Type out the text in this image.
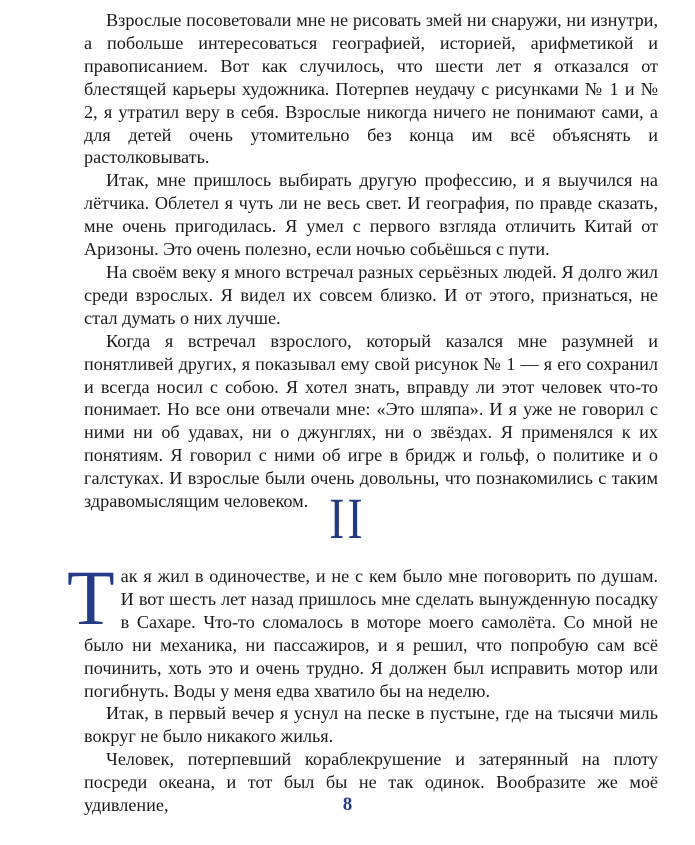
Взрослые посоветовали мне не рисовать змей ни снаружи, ни изнутри, а побольше интересоваться географией, историей, арифметикой и правописанием. Вот как случилось, что шести лет я отказался от блестящей карьеры художника. Потерпев неудачу с рисунками № 1 и № 2, я утратил веру в себя. Взрослые никогда ничего не понимают сами, а для детей очень утомительно без конца им всё объяснять и растолковывать.

Итак, мне пришлось выбирать другую профессию, и я выучился на лётчика. Облетел я чуть ли не весь свет. И география, по правде сказать, мне очень пригодилась. Я умел с первого взгляда отличить Китай от Аризоны. Это очень полезно, если ночью собьёшься с пути.

На своём веку я много встречал разных серьёзных людей. Я долго жил среди взрослых. Я видел их совсем близко. И от этого, признаться, не стал думать о них лучше.

Когда я встречал взрослого, который казался мне разумней и понятливей других, я показывал ему свой рисунок № 1 — я его сохранил и всегда носил с собою. Я хотел знать, вправду ли этот человек что-то понимает. Но все они отвечали мне: «Это шляпа». И я уже не говорил с ними ни об удавах, ни о джунглях, ни о звёздах. Я применялся к их понятиям. Я говорил с ними об игре в бридж и гольф, о политике и о галстуках. И взрослые были очень довольны, что познакомились с таким здравомыслящим человеком. II

Так я жил в одиночестве, и не с кем было мне поговорить по душам. И вот шесть лет назад пришлось мне сделать вынужденную посадку в Сахаре. Что-то сломалось в моторе моего самолёта. Со мной не было ни механика, ни пассажиров, и я решил, что попробую сам всё починить, хоть это и очень трудно. Я должен был исправить мотор или погибнуть. Воды у меня едва хватило бы на неделю.

Итак, в первый вечер я уснул на песке в пустыне, где на тысячи миль вокруг не было никакого жилья.

Человек, потерпевший кораблекрушение и затерянный на плоту посреди океана, и тот был бы не так одинок. Вообразите же моё удивление,	8
